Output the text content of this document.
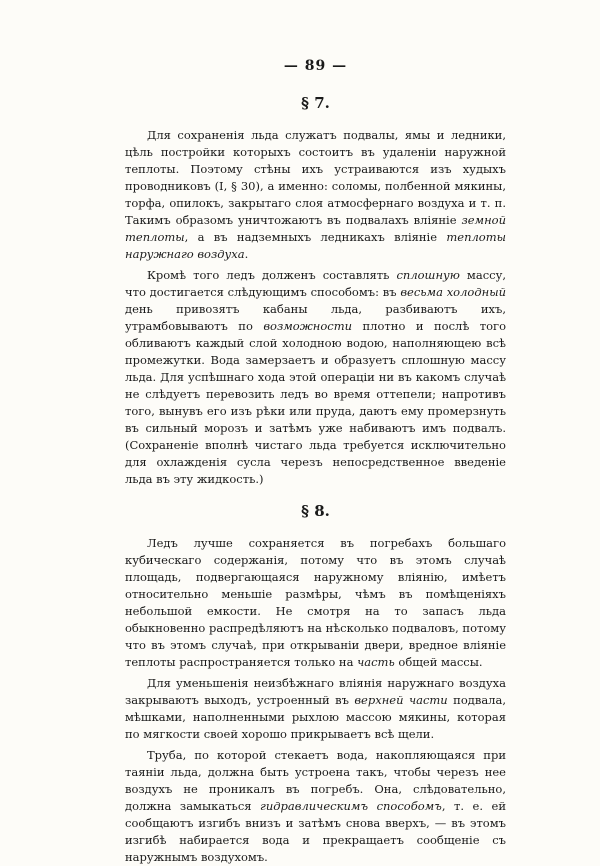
— 89 —
§ 7.

Для сохраненія льда служатъ подвалы, ямы и ледники, цѣль постройки которыхъ состоитъ въ удаленіи наружной теплоты. Поэтому стѣны ихъ устраиваются изъ худыхъ проводниковъ (I, § 30), а именно: соломы, полбенной мякины, торфа, опилокъ, закрытаго слоя атмосфернаго воздуха и т. п. Такимъ образомъ уничтожаютъ въ подвалахъ вліяніе земной теплоты, а въ надземныхъ ледникахъ вліяніе теплоты наружнаго воздуха.

Кромѣ того ледъ долженъ составлять сплошную массу, что достигается слѣдующимъ способомъ: въ весьма холодный день привозятъ кабаны льда, разбиваютъ ихъ, утрамбовываютъ по возможности плотно и послѣ того обливаютъ каждый слой холодною водою, наполняющею всѣ промежутки. Вода замерзаетъ и образуетъ сплошную массу льда. Для успѣшнаго хода этой операціи ни въ какомъ случаѣ не слѣдуетъ перевозить ледъ во время оттепели; напротивъ того, вынувъ его изъ рѣки или пруда, даютъ ему промерзнуть въ сильный морозъ и затѣмъ уже набиваютъ имъ подвалъ. (Сохраненіе вполнѣ чистаго льда требуется исключительно для охлажденія сусла черезъ непосредственное введеніе льда въ эту жидкость.)

§ 8.

Ледъ лучше сохраняется въ погребахъ большаго кубическаго содержанія, потому что въ этомъ случаѣ площадь, подвергающаяся наружному вліянію, имѣетъ относительно меньшіе размѣры, чѣмъ въ помѣщеніяхъ небольшой емкости. Не смотря на то запасъ льда обыкновенно распредѣляютъ на нѣсколько подваловъ, потому что въ этомъ случаѣ, при открываніи двери, вредное вліяніе теплоты распространяется только на часть общей массы.

Для уменьшенія неизбѣжнаго вліянія наружнаго воздуха закрываютъ выходъ, устроенный въ верхней части подвала, мѣшками, наполненными рыхлою массою мякины, которая по мягкости своей хорошо прикрываетъ всѣ щели.

Труба, по которой стекаетъ вода, накопляющаяся при таяніи льда, должна быть устроена такъ, чтобы черезъ нее воздухъ не проникалъ въ погребъ. Она, слѣдовательно, должна замыкаться гидравлическимъ способомъ, т. е. ей сообщаютъ изгибъ внизъ и затѣмъ снова вверхъ, — въ этомъ изгибѣ набирается вода и прекращаетъ сообщеніе съ наружнымъ воздухомъ.
